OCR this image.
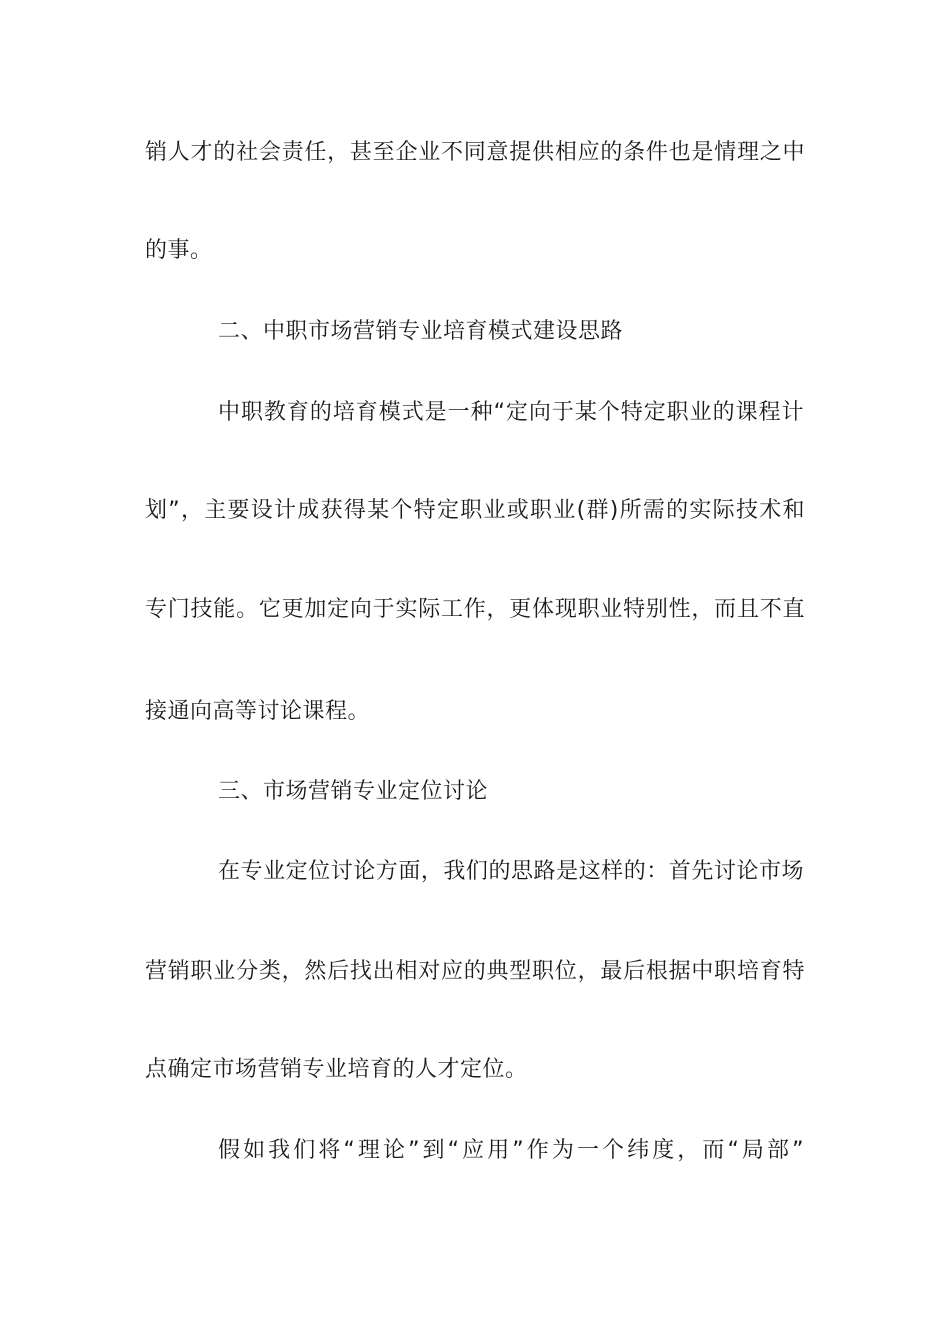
销人才的社会责任，甚至企业不同意提供相应的条件也是情理之中
的事。
二、中职市场营销专业培育模式建设思路
中职教育的培育模式是一种“定向于某个特定职业的课程计
划”，主要设计成获得某个特定职业或职业(群)所需的实际技术和
专门技能。它更加定向于实际工作，更体现职业特别性，而且不直
接通向高等讨论课程。
三、市场营销专业定位讨论
在专业定位讨论方面，我们的思路是这样的：首先讨论市场
营销职业分类，然后找出相对应的典型职位，最后根据中职培育特
点确定市场营销专业培育的人才定位。
假如我们将“理论”到“应用”作为一个纬度，而“局部”
